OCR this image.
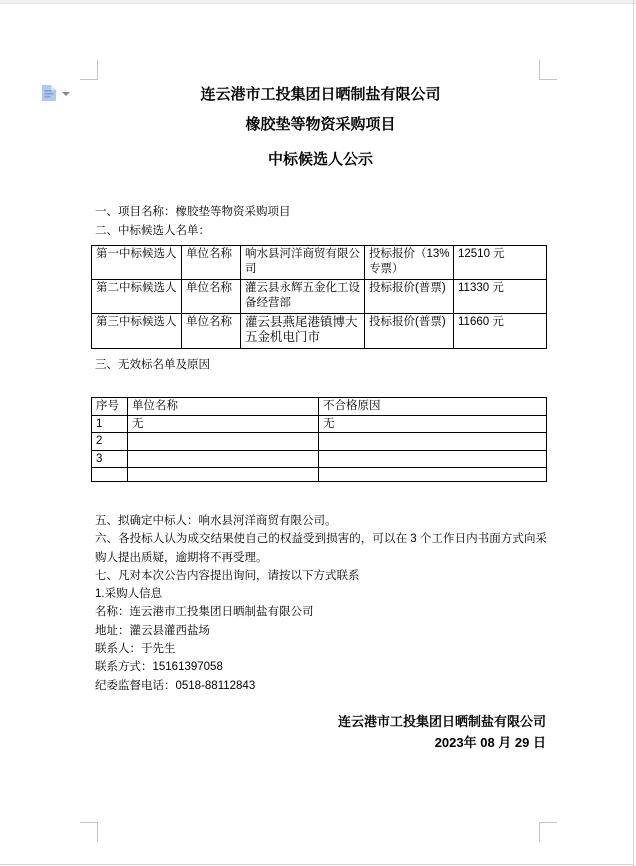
连云港市工投集团日晒制盐有限公司
橡胶垫等物资采购项目
中标候选人公示

一、项目名称：橡胶垫等物资采购项目

二、中标候选人名单：

第一中标候选人	单位名称	响水县河洋商贸有限公司	投标报价（13%专票）	12510 元
第二中标候选人	单位名称	灌云县永辉五金化工设备经营部	投标报价(普票)	11330 元
第三中标候选人	单位名称	灌云县燕尾港镇博大五金机电门市	投标报价(普票)	11660 元
三、无效标名单及原因
序号	单位名称	不合格原因
1	无	无
2		
3		

五、拟确定中标人：响水县河洋商贸有限公司。

六、各投标人认为成交结果使自己的权益受到损害的，可以在 3 个工作日内书面方式向采购人提出质疑，逾期将不再受理。

七、凡对本次公告内容提出询问，请按以下方式联系

1.采购人信息

名称：连云港市工投集团日晒制盐有限公司

地址：灌云县灌西盐场

联系人：于先生

联系方式：15161397058

纪委监督电话：0518-88112843

连云港市工投集团日晒制盐有限公司

2023年 08 月 29 日
